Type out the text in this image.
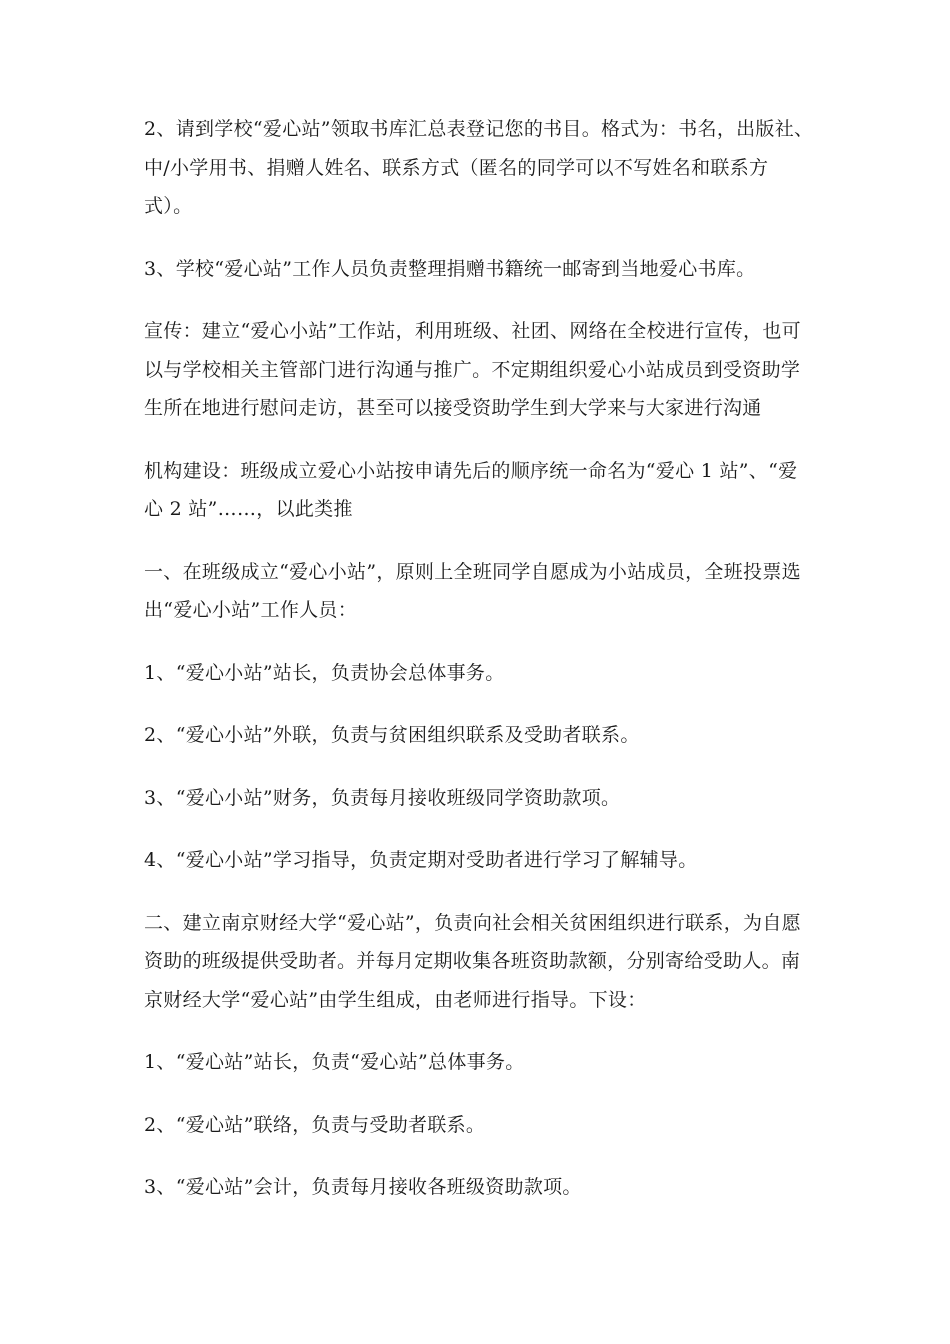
2、请到学校“爱心站”领取书库汇总表登记您的书目。格式为：书名，出版社、中/小学用书、捐赠人姓名、联系方式（匿名的同学可以不写姓名和联系方式）。

3、学校“爱心站”工作人员负责整理捐赠书籍统一邮寄到当地爱心书库。

宣传：建立“爱心小站”工作站，利用班级、社团、网络在全校进行宣传，也可以与学校相关主管部门进行沟通与推广。不定期组织爱心小站成员到受资助学生所在地进行慰问走访，甚至可以接受资助学生到大学来与大家进行沟通

机构建设：班级成立爱心小站按申请先后的顺序统一命名为“爱心 1 站”、“爱心 2 站”……，以此类推

一、在班级成立“爱心小站”，原则上全班同学自愿成为小站成员，全班投票选出“爱心小站”工作人员：

1、“爱心小站”站长，负责协会总体事务。

2、“爱心小站”外联，负责与贫困组织联系及受助者联系。

3、“爱心小站”财务，负责每月接收班级同学资助款项。

4、“爱心小站”学习指导，负责定期对受助者进行学习了解辅导。

二、建立南京财经大学“爱心站”，负责向社会相关贫困组织进行联系，为自愿资助的班级提供受助者。并每月定期收集各班资助款额，分别寄给受助人。南京财经大学“爱心站”由学生组成，由老师进行指导。下设：

1、“爱心站”站长，负责“爱心站”总体事务。

2、“爱心站”联络，负责与受助者联系。

3、“爱心站”会计，负责每月接收各班级资助款项。
